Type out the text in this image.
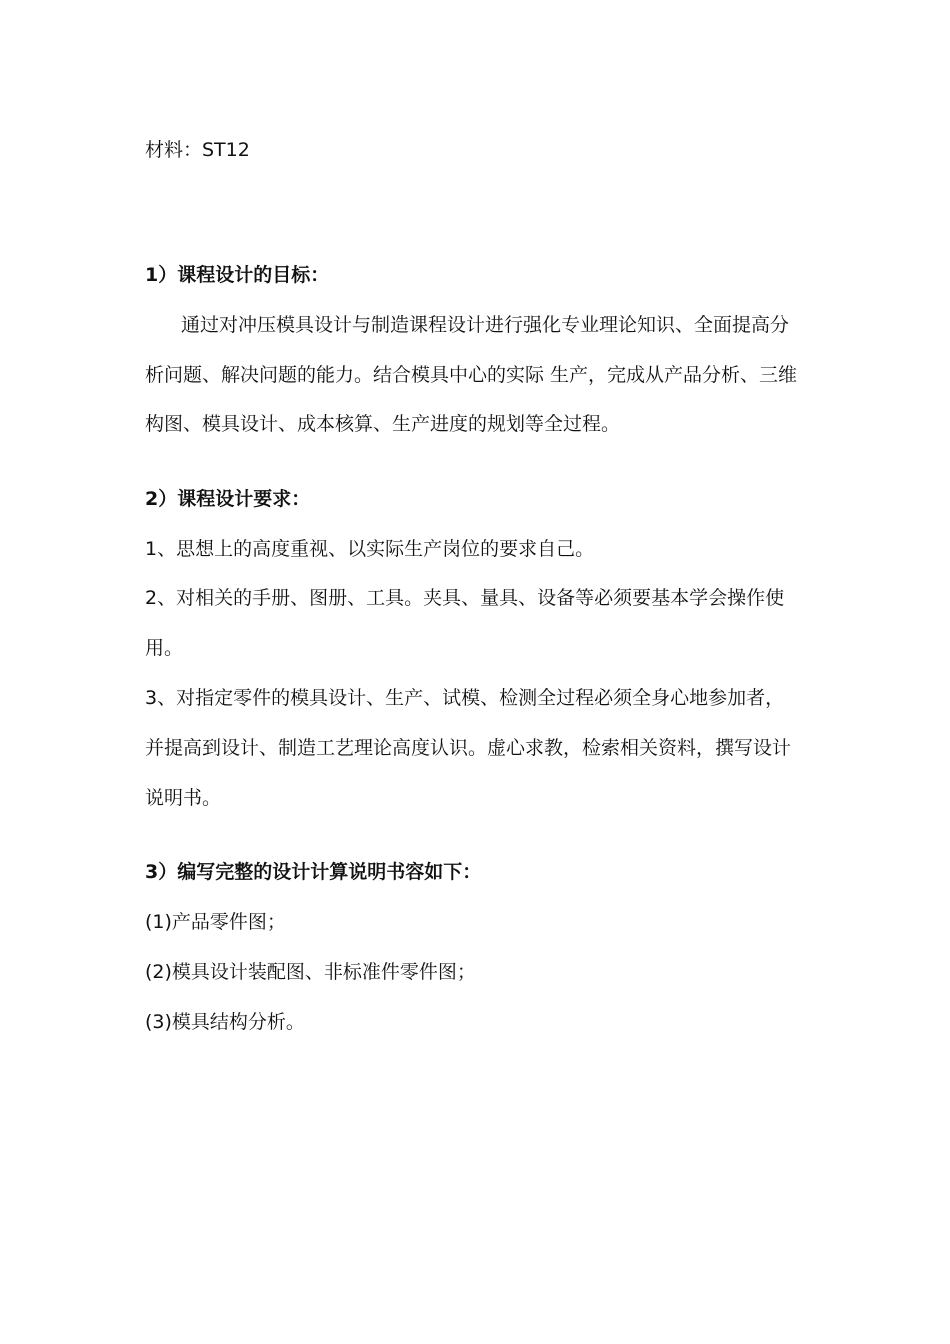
材料：ST12
1）课程设计的目标：
通过对冲压模具设计与制造课程设计进行强化专业理论知识、全面提高分
析问题、解决问题的能力。结合模具中心的实际 生产，完成从产品分析、三维
构图、模具设计、成本核算、生产进度的规划等全过程。
2）课程设计要求：
1、思想上的高度重视、以实际生产岗位的要求自己。
2、对相关的手册、图册、工具。夹具、量具、设备等必须要基本学会操作使
用。
3、对指定零件的模具设计、生产、试模、检测全过程必须全身心地参加者，
并提高到设计、制造工艺理论高度认识。虚心求教，检索相关资料，撰写设计
说明书。
3）编写完整的设计计算说明书容如下：
(1)产品零件图；
(2)模具设计装配图、非标准件零件图；
(3)模具结构分析。
